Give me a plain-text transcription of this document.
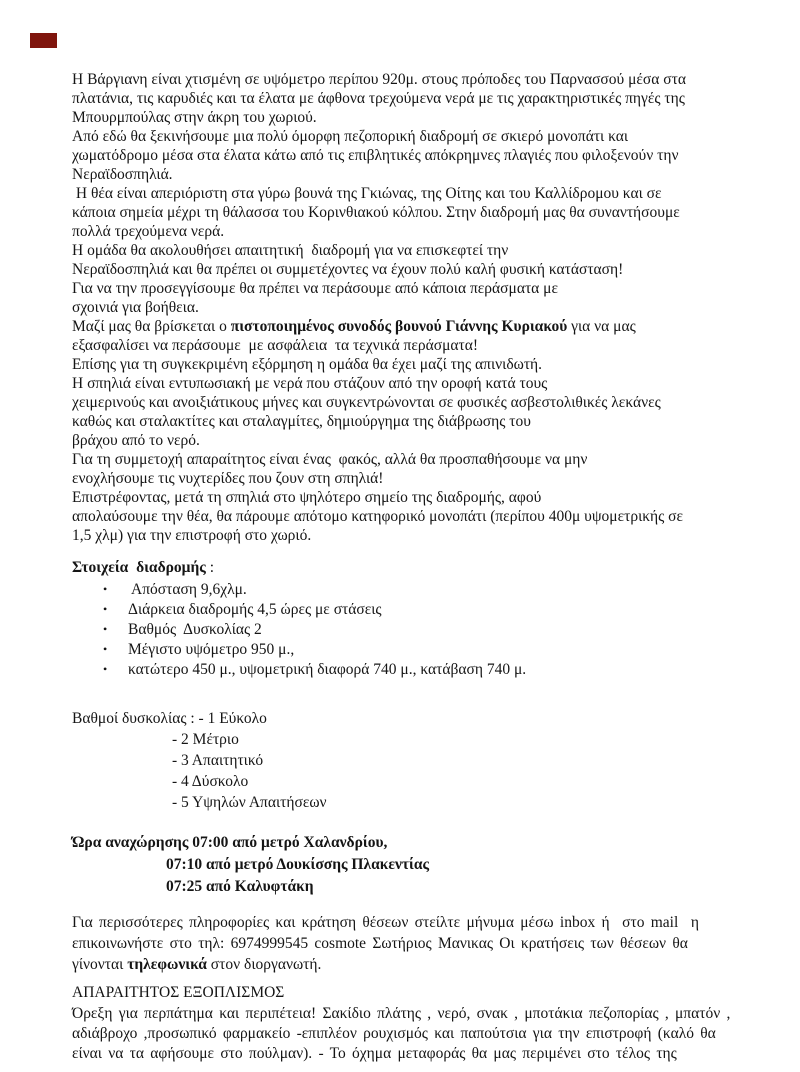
Η Βάργιανη είναι χτισμένη σε υψόμετρο περίπου 920μ. στους πρόποδες του Παρνασσού μέσα στα
πλατάνια, τις καρυδιές και τα έλατα με άφθονα τρεχούμενα νερά με τις χαρακτηριστικές πηγές της
Μπουρμπούλας στην άκρη του χωριού.
Από εδώ θα ξεκινήσουμε μια πολύ όμορφη πεζοπορική διαδρομή σε σκιερό μονοπάτι και
χωματόδρομο μέσα στα έλατα κάτω από τις επιβλητικές απόκρημνες πλαγιές που φιλοξενούν την
Νεραϊδοσπηλιά.
Η θέα είναι απεριόριστη στα γύρω βουνά της Γκιώνας, της Οίτης και του Καλλίδρομου και σε
κάποια σημεία μέχρι τη θάλασσα του Κορινθιακού κόλπου. Στην διαδρομή μας θα συναντήσουμε
πολλά τρεχούμενα νερά.
Η ομάδα θα ακολουθήσει απαιτητική  διαδρομή για να επισκεφτεί την
Νεραϊδοσπηλιά και θα πρέπει οι συμμετέχοντες να έχουν πολύ καλή φυσική κατάσταση!
Για να την προσεγγίσουμε θα πρέπει να περάσουμε από κάποια περάσματα με
σχοινιά για βοήθεια.
Μαζί μας θα βρίσκεται ο πιστοποιημένος συνοδός βουνού Γιάννης Κυριακού για να μας
εξασφαλίσει να περάσουμε  με ασφάλεια  τα τεχνικά περάσματα!
Επίσης για τη συγκεκριμένη εξόρμηση η ομάδα θα έχει μαζί της απινιδωτή.
Η σπηλιά είναι εντυπωσιακή με νερά που στάζουν από την οροφή κατά τους
χειμερινούς και ανοιξιάτικους μήνες και συγκεντρώνονται σε φυσικές ασβεστολιθικές λεκάνες
καθώς και σταλακτίτες και σταλαγμίτες, δημιούργημα της διάβρωσης του
βράχου από το νερό.
Για τη συμμετοχή απαραίτητος είναι ένας  φακός, αλλά θα προσπαθήσουμε να μην
ενοχλήσουμε τις νυχτερίδες που ζουν στη σπηλιά!
Επιστρέφοντας, μετά τη σπηλιά στο ψηλότερο σημείο της διαδρομής, αφού
απολαύσουμε την θέα, θα πάρουμε απότομο κατηφορικό μονοπάτι (περίπου 400μ υψομετρικής σε
1,5 χλμ) για την επιστροφή στο χωριό.
Στοιχεία  διαδρομής :
• Απόσταση 9,6χλμ.
• Διάρκεια διαδρομής 4,5 ώρες με στάσεις
• Βαθμός  Δυσκολίας 2
• Μέγιστο υψόμετρο 950 μ.,
• κατώτερο 450 μ., υψομετρική διαφορά 740 μ., κατάβαση 740 μ.
Βαθμοί δυσκολίας : - 1 Εύκολο
- 2 Μέτριο
- 3 Απαιτητικό
- 4 Δύσκολο
- 5 Υψηλών Απαιτήσεων
Ώρα αναχώρησης 07:00 από μετρό Χαλανδρίου,
07:10 από μετρό Δουκίσσης Πλακεντίας
07:25 από Καλυφτάκη
Για περισσότερες πληροφορίες και κράτηση θέσεων στείλτε μήνυμα μέσω inbox ή  στο mail  η
επικοινωνήστε στο τηλ: 6974999545 cosmote Σωτήριος Μανικας Οι κρατήσεις των θέσεων θα
γίνονται τηλεφωνικά στον διοργανωτή.
ΑΠΑΡΑΙΤΗΤΟΣ ΕΞΟΠΛΙΣΜΟΣ
Όρεξη για περπάτημα και περιπέτεια! Σακίδιο πλάτης , νερό, σνακ , μποτάκια πεζοπορίας , μπατόν ,
αδιάβροχο ,προσωπικό φαρμακείο -επιπλέον ρουχισμός και παπούτσια για την επιστροφή (καλό θα
είναι να τα αφήσουμε στο πούλμαν). - Το όχημα μεταφοράς θα μας περιμένει στο τέλος της
